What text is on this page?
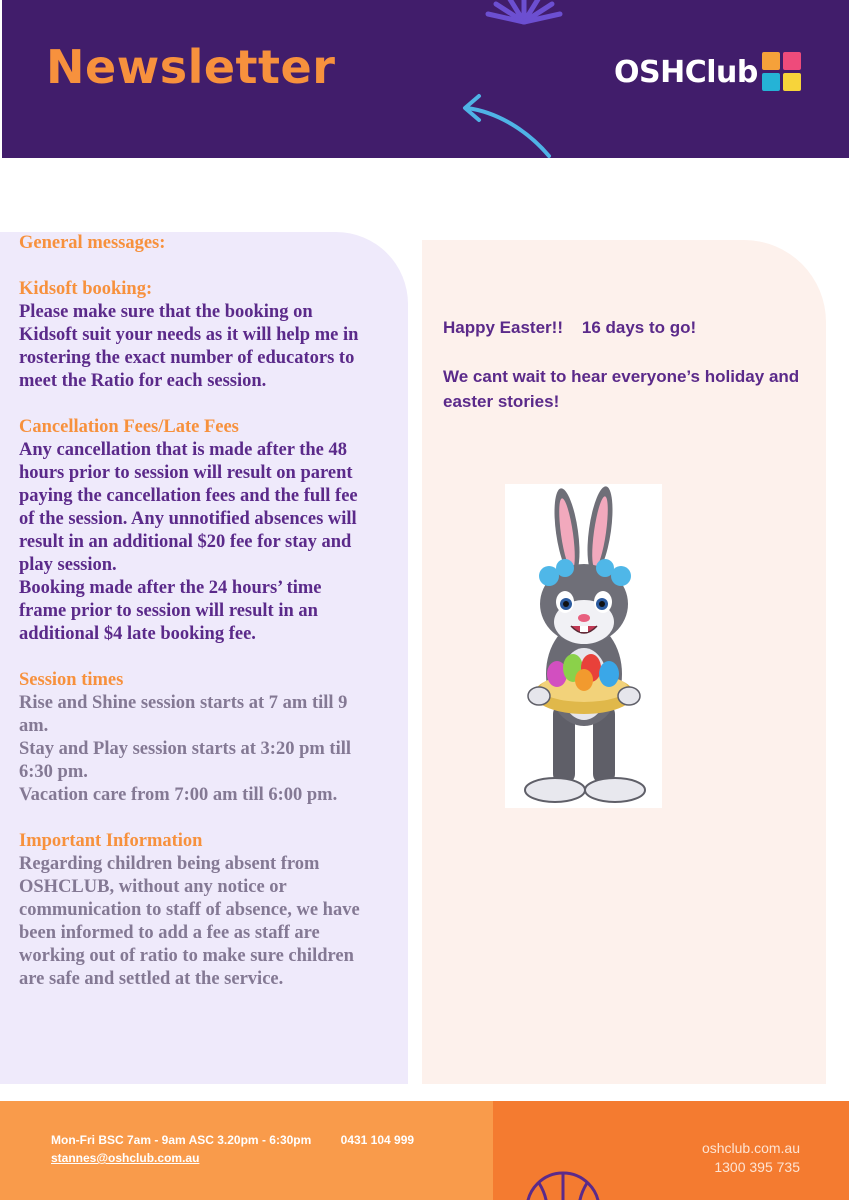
Newsletter	OSHClub
General messages:
Kidsoft booking:
Please make sure that the booking on Kidsoft suit your needs as it will help me in rostering the exact number of educators to meet the Ratio for each session.
Cancellation Fees/Late Fees
Any cancellation that is made after the 48 hours prior to session will result on parent paying the cancellation fees and the full fee of the session. Any unnotified absences will result in an additional $20 fee for stay and play session.
Booking made after the 24 hours’ time frame prior to session will result in an additional $4 late booking fee.
Session times
Rise and Shine session starts at 7 am till 9 am.
Stay and Play session starts at 3:20 pm till 6:30 pm.
Vacation care from 7:00 am till 6:00 pm.
Important Information
Regarding children being absent from OSHCLUB, without any notice or communication to staff of absence, we have been informed to add a fee as staff are working out of ratio to make sure children are safe and settled at the service.
Happy Easter!!    16 days to go!
We cant wait to hear everyone’s holiday and easter stories!
Mon-Fri BSC 7am - 9am ASC 3.20pm - 6:30pm 0431 104 999
stannes@oshclub.com.au
oshclub.com.au
1300 395 735
